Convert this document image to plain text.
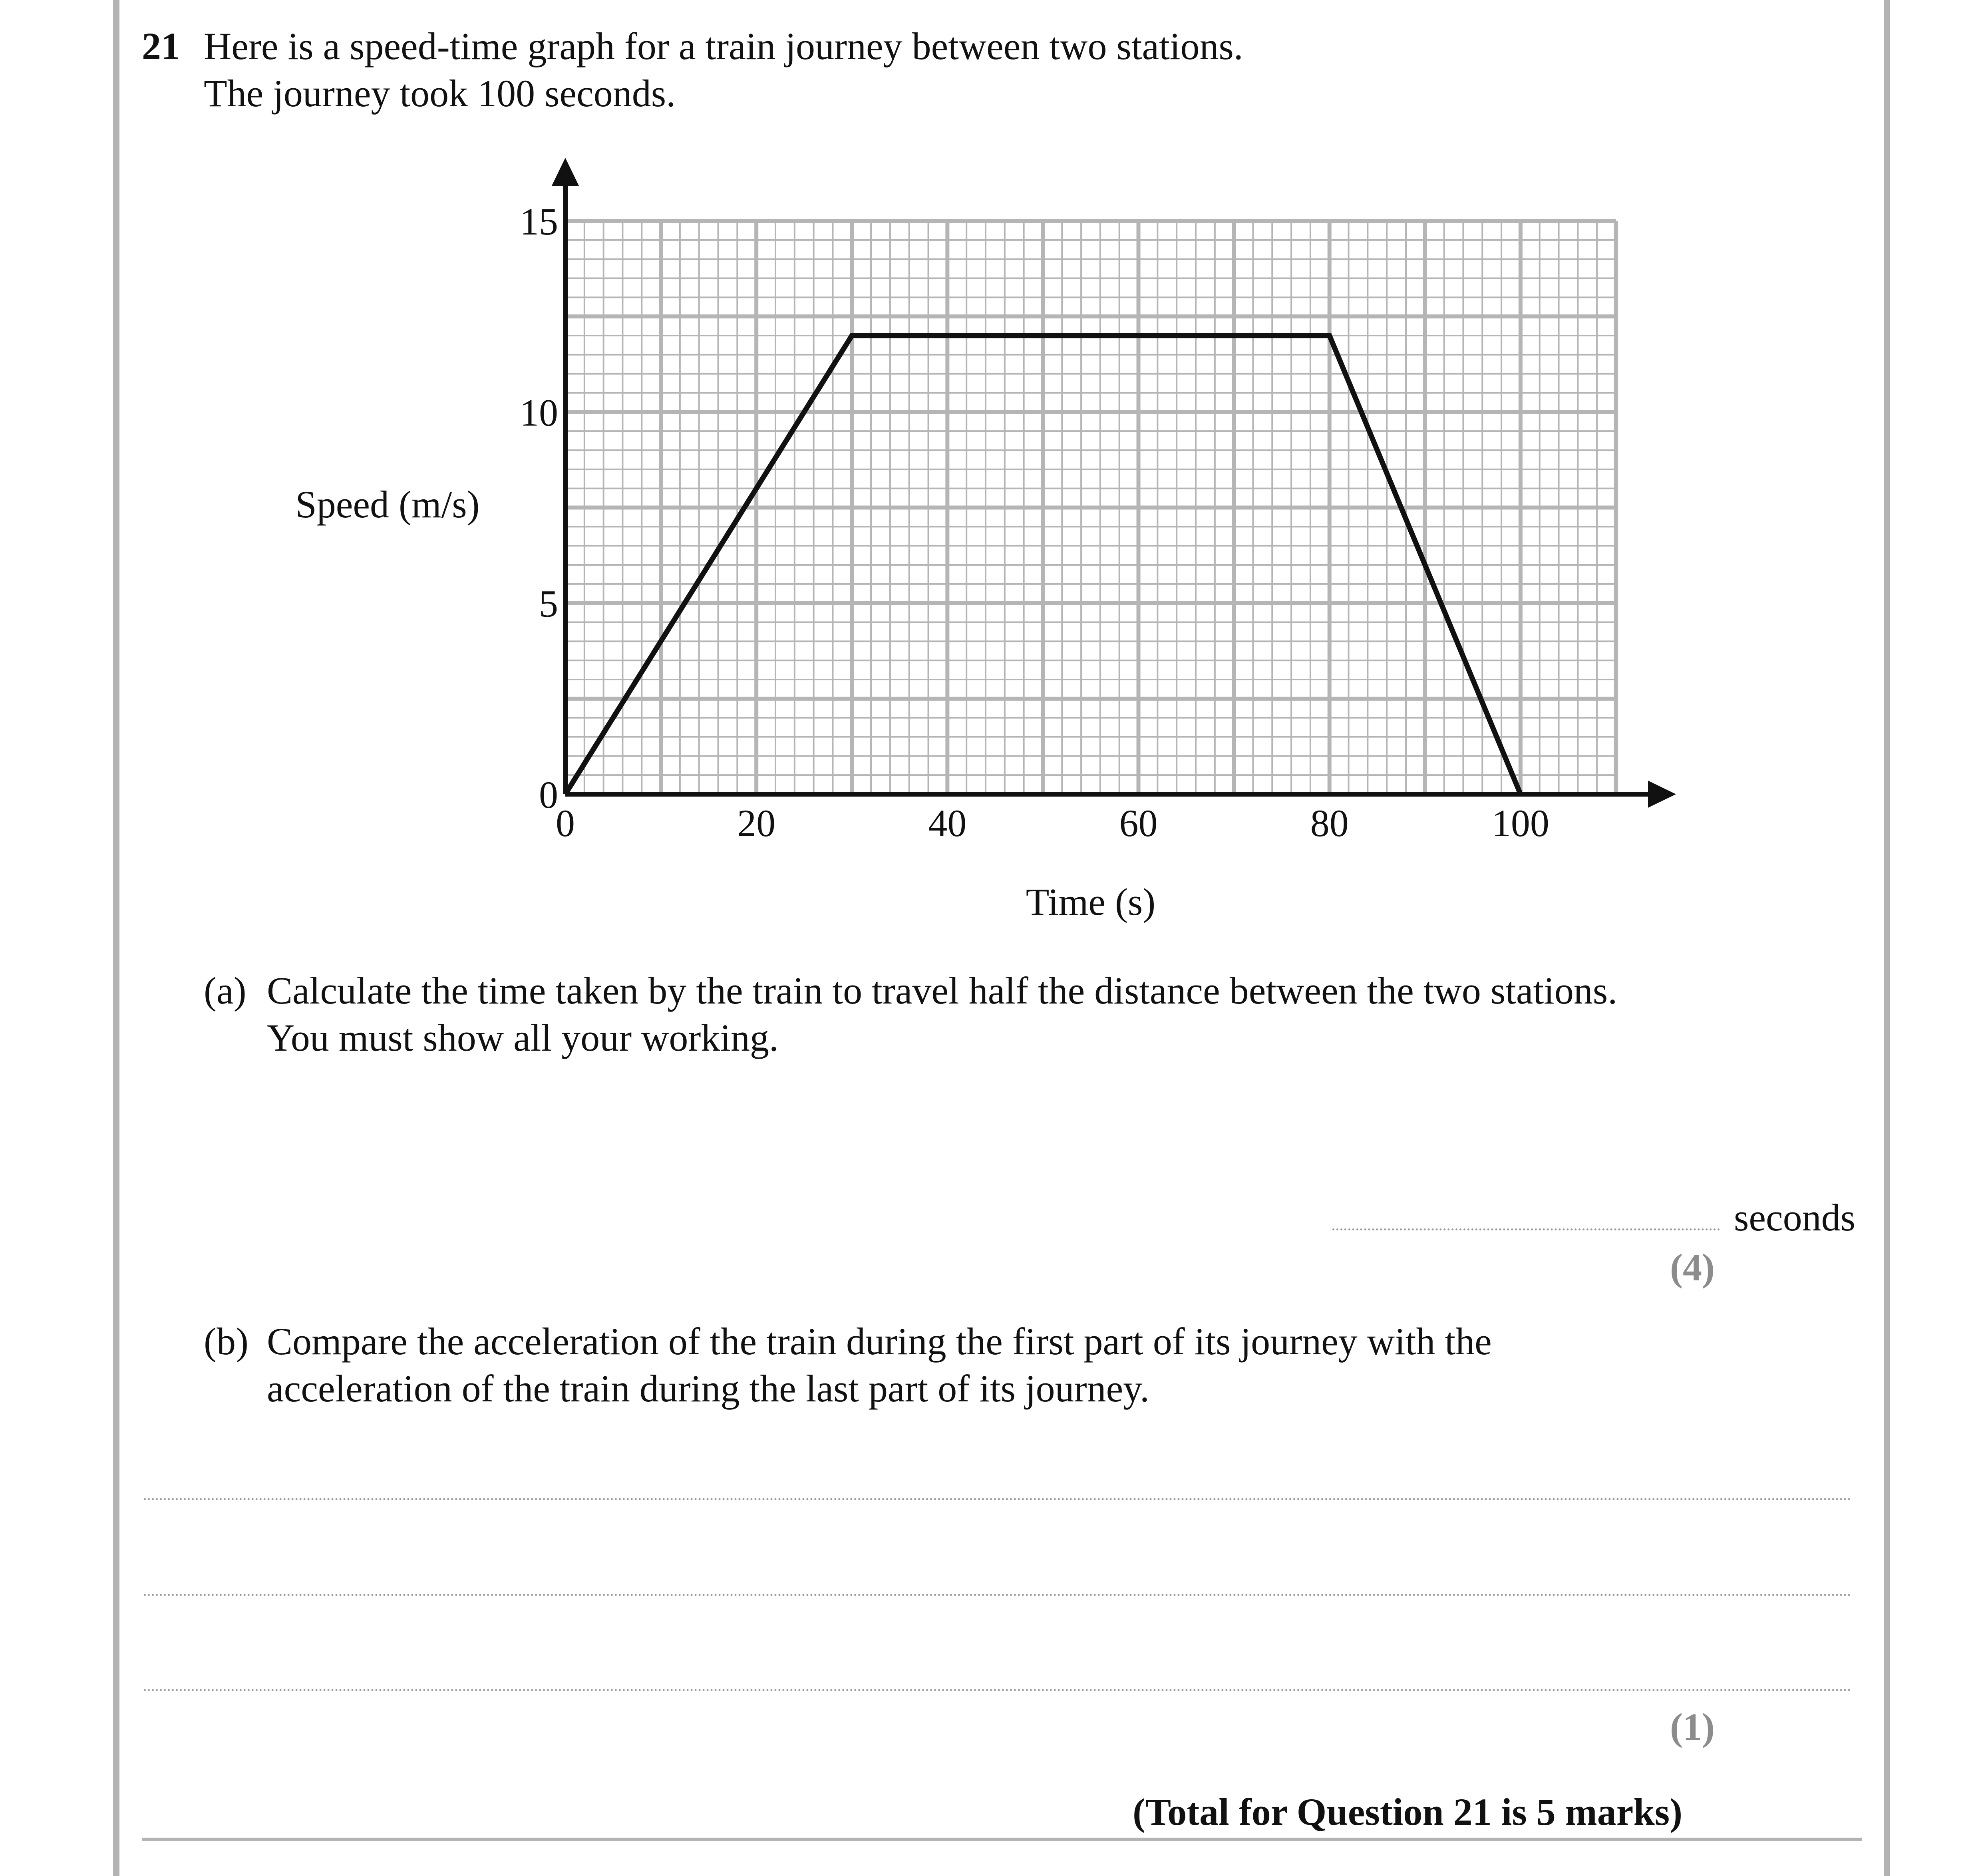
21 Here is a speed-time graph for a train journey between two stations.
The journey took 100 seconds.
0	20	40	60	80	100
0
5
10
15
Time (s)
Speed (m/s)
(a) Calculate the time taken by the train to travel half the distance between the two stations.
You must show all your working.
seconds
(4)
(b) Compare the acceleration of the train during the first part of its journey with the
acceleration of the train during the last part of its journey.
(1)
(Total for Question 21 is 5 marks)
